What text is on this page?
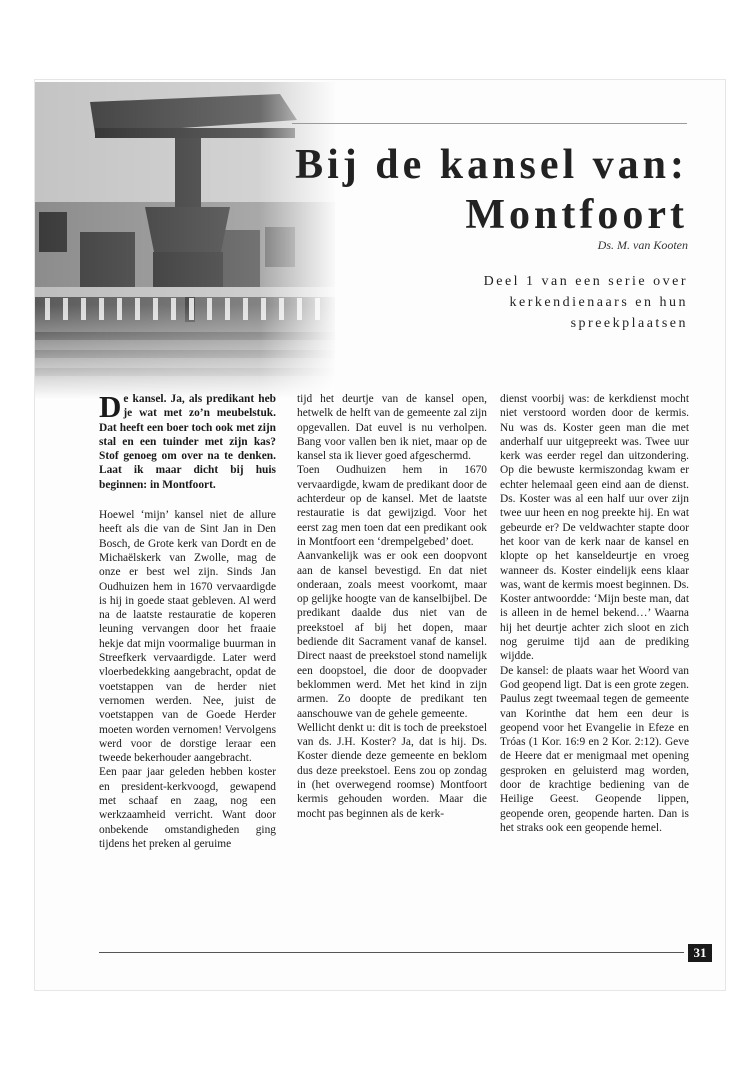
Bij de kansel van:
Montfoort
Ds. M. van Kooten
Deel 1 van een serie over kerkendienaars en hun spreekplaatsen

De kansel. Ja, als predikant heb je wat met zo’n meubelstuk. Dat heeft een boer toch ook met zijn stal en een tuinder met zijn kas? Stof genoeg om over na te denken. Laat ik maar dicht bij huis beginnen: in Montfoort.

Hoewel ‘mijn’ kansel niet de allure heeft als die van de Sint Jan in Den Bosch, de Grote kerk van Dordt en de Michaëlskerk van Zwolle, mag de onze er best wel zijn. Sinds Jan Oudhuizen hem in 1670 vervaardigde is hij in goede staat gebleven. Al werd na de laatste restauratie de koperen leuning vervangen door het fraaie hekje dat mijn voormalige buurman in Streefkerk vervaardigde. Later werd vloerbedekking aangebracht, opdat de voetstappen van de herder niet vernomen werden. Nee, juist de voetstappen van de Goede Herder moeten worden vernomen! Vervolgens werd voor de dorstige leraar een tweede bekerhouder aangebracht.

Een paar jaar geleden hebben koster en president-kerkvoogd, gewapend met schaaf en zaag, nog een werkzaamheid verricht. Want door onbekende omstandigheden ging tijdens het preken al geruime

tijd het deurtje van de kansel open, hetwelk de helft van de gemeente zal zijn opgevallen. Dat euvel is nu verholpen. Bang voor vallen ben ik niet, maar op de kansel sta ik liever goed afgeschermd.

Toen Oudhuizen hem in 1670 vervaardigde, kwam de predikant door de achterdeur op de kansel. Met de laatste restauratie is dat gewijzigd. Voor het eerst zag men toen dat een predikant ook in Montfoort een ‘drempelgebed’ doet.

Aanvankelijk was er ook een doopvont aan de kansel bevestigd. En dat niet onderaan, zoals meest voorkomt, maar op gelijke hoogte van de kanselbijbel. De predikant daalde dus niet van de preekstoel af bij het dopen, maar bediende dit Sacrament vanaf de kansel. Direct naast de preekstoel stond namelijk een doopstoel, die door de doopvader beklommen werd. Met het kind in zijn armen. Zo doopte de predikant ten aanschouwe van de gehele gemeente.

Wellicht denkt u: dit is toch de preekstoel van ds. J.H. Koster? Ja, dat is hij. Ds. Koster diende deze gemeente en beklom dus deze preekstoel. Eens zou op zondag in (het overwegend roomse) Montfoort kermis gehouden worden. Maar die mocht pas beginnen als de kerk-

dienst voorbij was: de kerkdienst mocht niet verstoord worden door de kermis. Nu was ds. Koster geen man die met anderhalf uur uitgepreekt was. Twee uur kerk was eerder regel dan uitzondering. Op die bewuste kermiszondag kwam er echter helemaal geen eind aan de dienst. Ds. Koster was al een half uur over zijn twee uur heen en nog preekte hij. En wat gebeurde er? De veldwachter stapte door het koor van de kerk naar de kansel en klopte op het kanseldeurtje en vroeg wanneer ds. Koster eindelijk eens klaar was, want de kermis moest beginnen. Ds. Koster antwoordde: ‘Mijn beste man, dat is alleen in de hemel bekend…’ Waarna hij het deurtje achter zich sloot en zich nog geruime tijd aan de prediking wijdde.

De kansel: de plaats waar het Woord van God geopend ligt. Dat is een grote zegen. Paulus zegt tweemaal tegen de gemeente van Korinthe dat hem een deur is geopend voor het Evangelie in Efeze en Tróas (1 Kor. 16:9 en 2 Kor. 2:12). Geve de Heere dat er menigmaal met opening gesproken en geluisterd mag worden, door de krachtige bediening van de Heilige Geest. Geopende lippen, geopende oren, geopende harten. Dan is het straks ook een geopende hemel.

31
